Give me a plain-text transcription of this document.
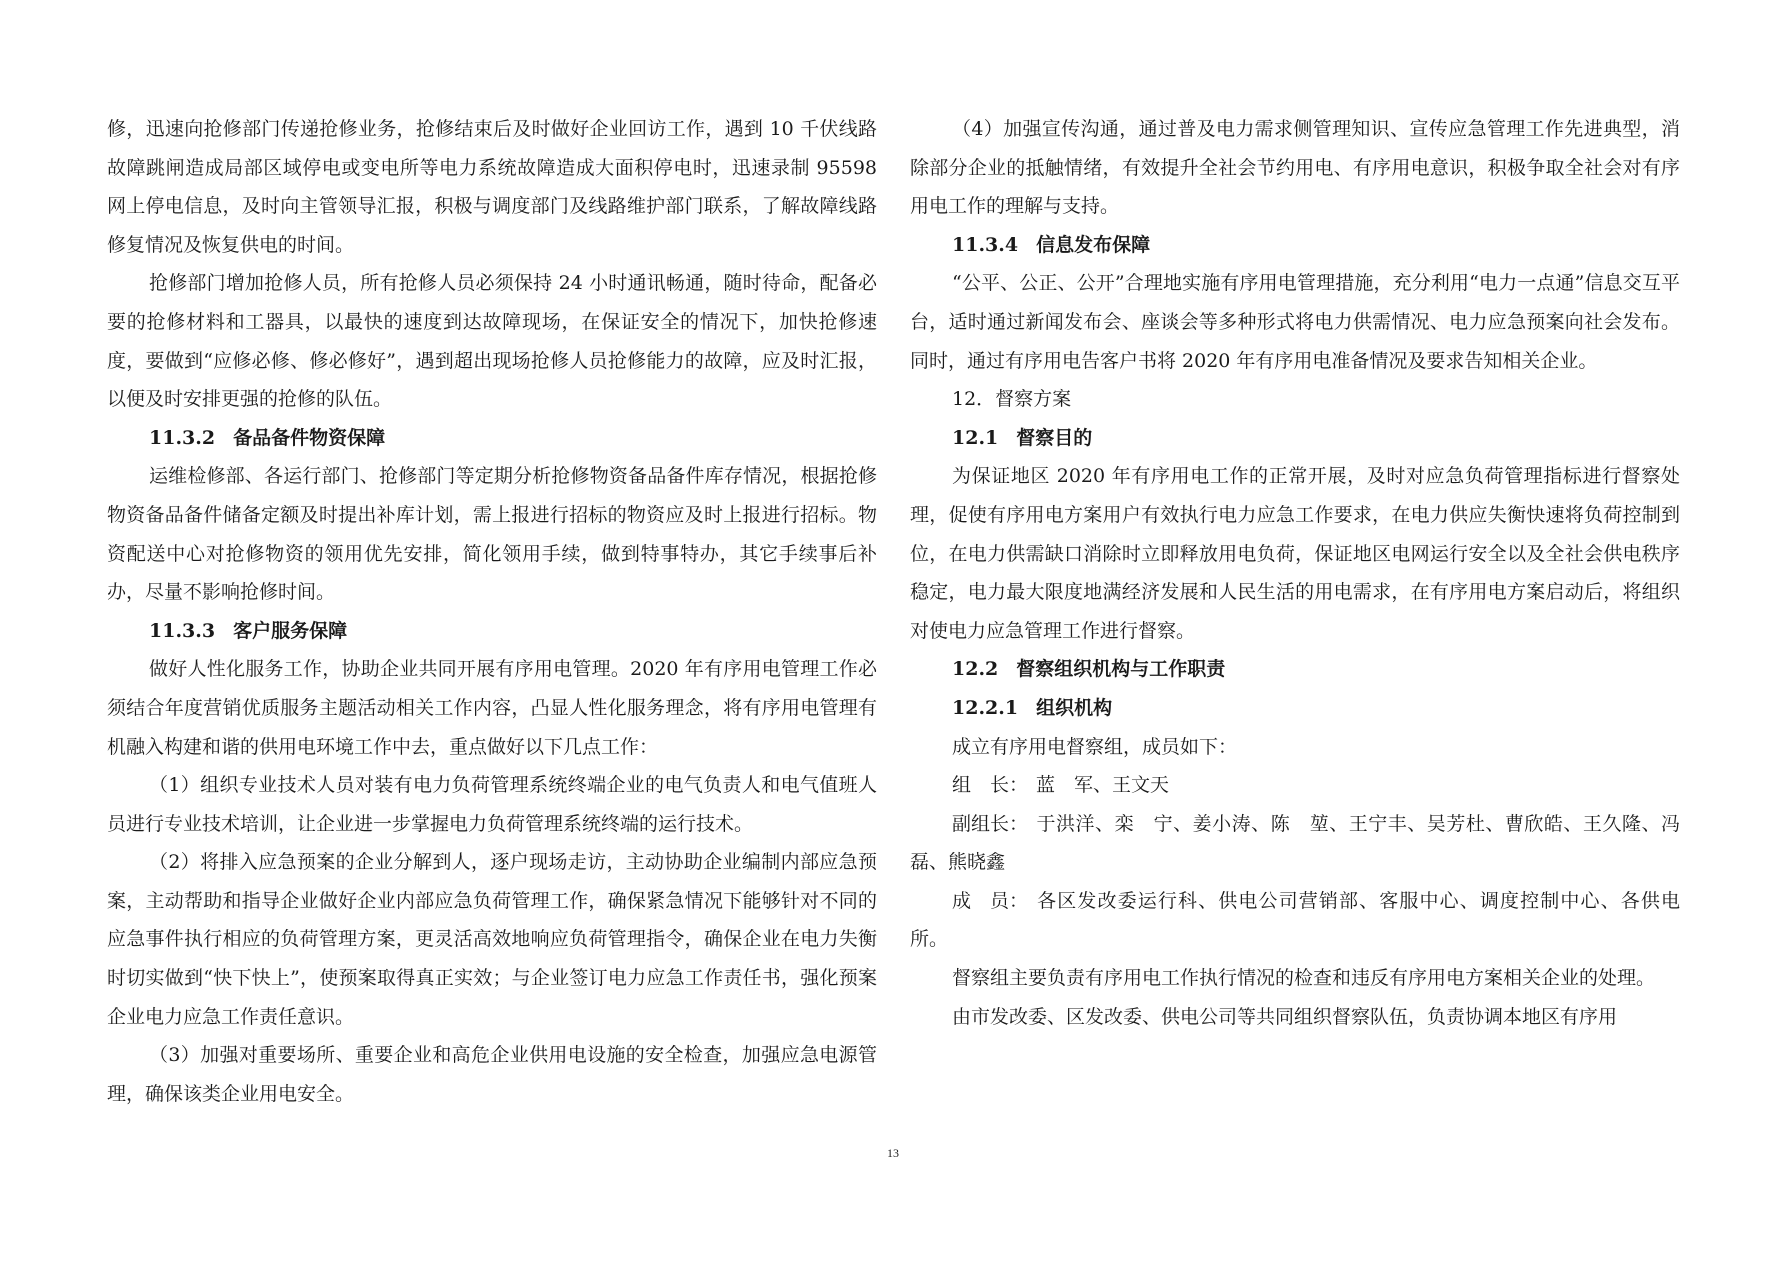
修，迅速向抢修部门传递抢修业务，抢修结束后及时做好企业回访工作，遇到 10 千伏线路故障跳闸造成局部区域停电或变电所等电力系统故障造成大面积停电时，迅速录制 95598 网上停电信息，及时向主管领导汇报，积极与调度部门及线路维护部门联系，了解故障线路修复情况及恢复供电的时间。

抢修部门增加抢修人员，所有抢修人员必须保持 24 小时通讯畅通，随时待命，配备必要的抢修材料和工器具，以最快的速度到达故障现场，在保证安全的情况下，加快抢修速度，要做到“应修必修、修必修好”，遇到超出现场抢修人员抢修能力的故障，应及时汇报，以便及时安排更强的抢修的队伍。

11.3.2 备品备件物资保障

运维检修部、各运行部门、抢修部门等定期分析抢修物资备品备件库存情况，根据抢修物资备品备件储备定额及时提出补库计划，需上报进行招标的物资应及时上报进行招标。物资配送中心对抢修物资的领用优先安排，简化领用手续，做到特事特办，其它手续事后补办，尽量不影响抢修时间。

11.3.3 客户服务保障

做好人性化服务工作，协助企业共同开展有序用电管理。2020 年有序用电管理工作必须结合年度营销优质服务主题活动相关工作内容，凸显人性化服务理念，将有序用电管理有机融入构建和谐的供用电环境工作中去，重点做好以下几点工作：

（1）组织专业技术人员对装有电力负荷管理系统终端企业的电气负责人和电气值班人员进行专业技术培训，让企业进一步掌握电力负荷管理系统终端的运行技术。

（2）将排入应急预案的企业分解到人，逐户现场走访，主动协助企业编制内部应急预案，主动帮助和指导企业做好企业内部应急负荷管理工作，确保紧急情况下能够针对不同的应急事件执行相应的负荷管理方案，更灵活高效地响应负荷管理指令，确保企业在电力失衡时切实做到“快下快上”，使预案取得真正实效；与企业签订电力应急工作责任书，强化预案企业电力应急工作责任意识。

（3）加强对重要场所、重要企业和高危企业供用电设施的安全检查，加强应急电源管理，确保该类企业用电安全。

（4）加强宣传沟通，通过普及电力需求侧管理知识、宣传应急管理工作先进典型，消除部分企业的抵触情绪，有效提升全社会节约用电、有序用电意识，积极争取全社会对有序用电工作的理解与支持。

11.3.4 信息发布保障

“公平、公正、公开”合理地实施有序用电管理措施，充分利用“电力一点通”信息交互平台，适时通过新闻发布会、座谈会等多种形式将电力供需情况、电力应急预案向社会发布。同时，通过有序用电告客户书将 2020 年有序用电准备情况及要求告知相关企业。

12．督察方案

12.1 督察目的

为保证地区 2020 年有序用电工作的正常开展，及时对应急负荷管理指标进行督察处理，促使有序用电方案用户有效执行电力应急工作要求，在电力供应失衡快速将负荷控制到位，在电力供需缺口消除时立即释放用电负荷，保证地区电网运行安全以及全社会供电秩序稳定，电力最大限度地满经济发展和人民生活的用电需求，在有序用电方案启动后，将组织对使电力应急管理工作进行督察。

12.2 督察组织机构与工作职责

12.2.1 组织机构

成立有序用电督察组，成员如下：

组　长： 蓝　军、王文天

副组长： 于洪洋、栾　宁、姜小涛、陈　堃、王宁丰、吴芳杜、曹欣皓、王久隆、冯　磊、熊晓鑫

成　员： 各区发改委运行科、供电公司营销部、客服中心、调度控制中心、各供电所。

督察组主要负责有序用电工作执行情况的检查和违反有序用电方案相关企业的处理。

由市发改委、区发改委、供电公司等共同组织督察队伍，负责协调本地区有序用

13
